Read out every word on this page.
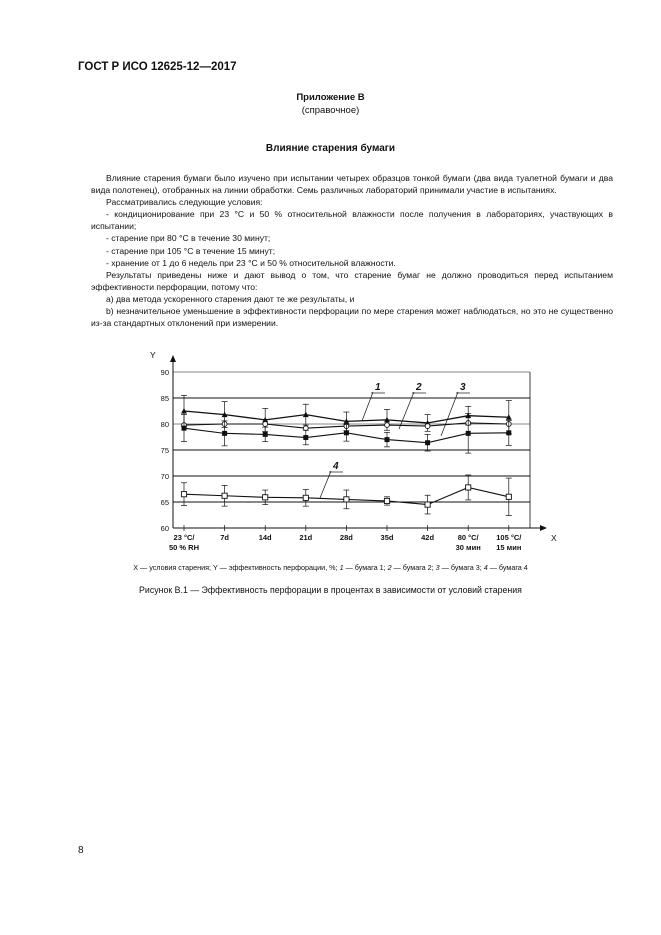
ГОСТ Р ИСО 12625-12—2017
Приложение В
(справочное)
Влияние старения бумаги

Влияние старения бумаги было изучено при испытании четырех образцов тонкой бумаги (два вида туалетной бумаги и два вида полотенец), отобранных на линии обработки. Семь различных лабораторий принимали участие в испытаниях.

Рассматривались следующие условия:

- кондиционирование при 23 °С и 50 % относительной влажности после получения в лабораториях, участвующих в испытании;

- старение при 80 °С в течение 30 минут;

- старение при 105 °С в течение 15 минут;

- хранение от 1 до 6 недель при 23 °С и 50 % относительной влажности.

Результаты приведены ниже и дают вывод о том, что старение бумаг не должно проводиться перед испытанием эффективности перфорации, потому что:

а) два метода ускоренного старения дают те же результаты, и

b) незначительное уменьшение в эффективности перфорации по мере старения может наблюдаться, но это не существенно из-за стандартных отклонений при измерении.

Y
X
60
65
70
75
80
85
90
23 °C/
50 % RH
7d	14d	21d	28d	35d	42d	80 °C/
30 мин
105 °C/
15 мин
1	2	3
4
Х — условия старения; Y — эффективность перфорации, %; 1 — бумага 1; 2 — бумага 2; 3 — бумага 3; 4 — бумага 4
Рисунок В.1 — Эффективность перфорации в процентах в зависимости от условий старения
8
